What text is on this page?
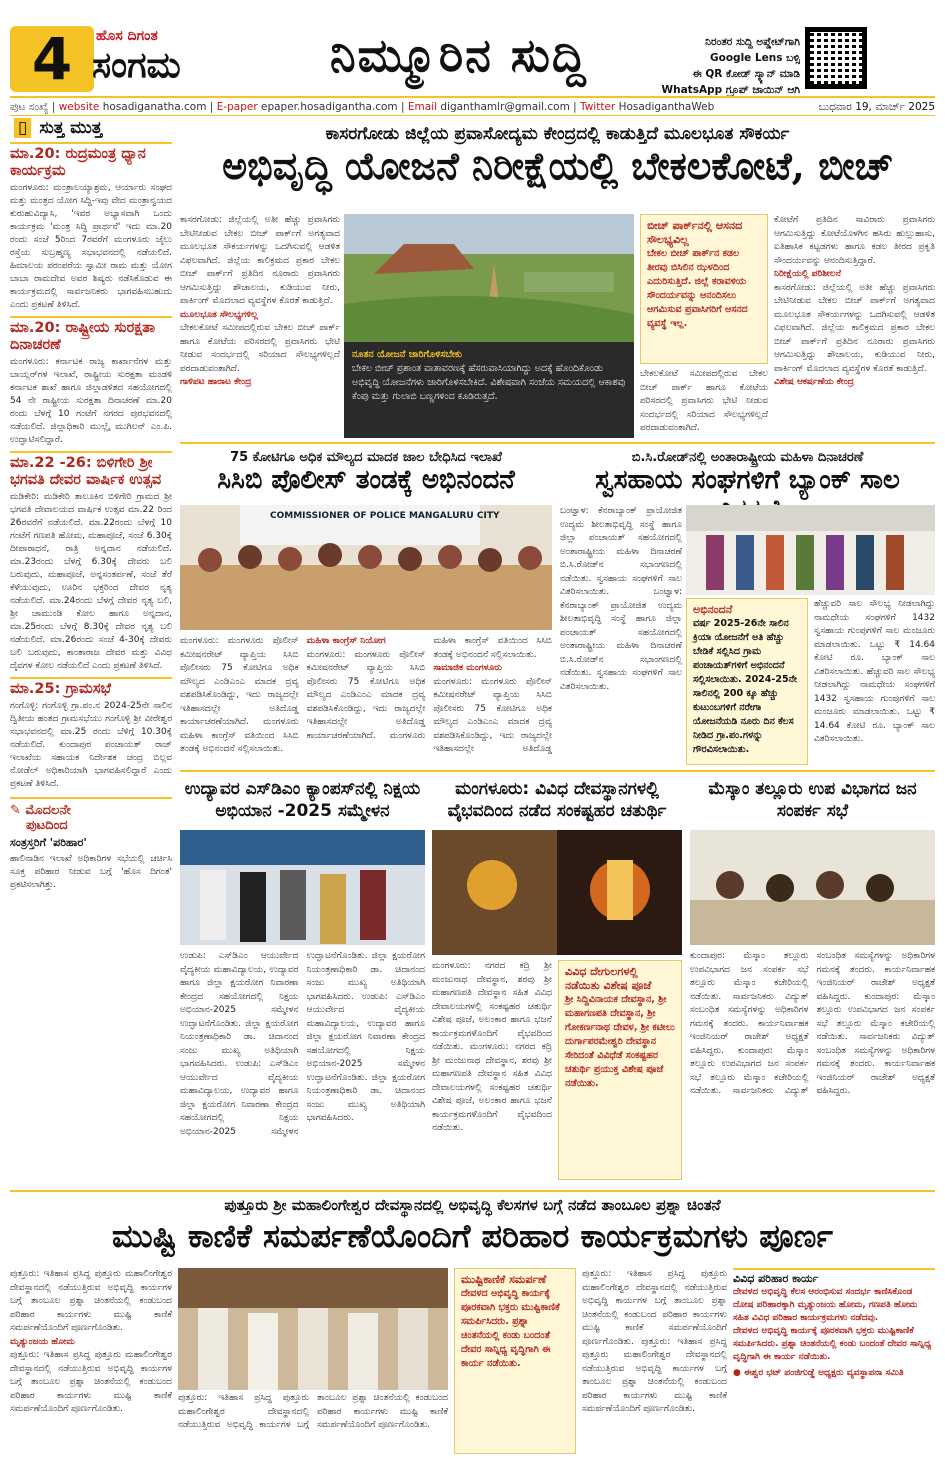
4	ಹೊಸ ದಿಗಂತ
ಸಂಗಮ	ನಿಮ್ಮೂರಿನ ಸುದ್ದಿ	ನಿರಂತರ ಸುದ್ದಿ ಅಪ್ಡೇಟ್‌ಗಾಗಿ
Google Lens ಬಳ್ಸಿ
ಈ QR ಕೋಡ್ ಸ್ಕ್ಯಾನ್ ಮಾಡಿ
WhatsApp ಗ್ರೂಪ್ ಜಾಯಿನ್ ಆಗಿ
ಪುಟ ಸಂಖ್ಯೆ | website hosadiganatha.com | E-paper epaper.hosadigantha.com | Email diganthamlr@gmail.com | Twitter HosadiganthaWeb	ಬುಧವಾರ 19, ಮಾರ್ಚ್ 2025
▯ ಸುತ್ತ ಮುತ್ತ
ಮಾ.20: ರುದ್ರಮಂತ್ರ ಧ್ಯಾನ ಕಾರ್ಯಕ್ರಮ
ಮಂಗಳೂರು: ಮಂತ್ರಾಲಯ್ಯಾಶ್ರಮ, ಆರ್ಯಾರು ಸಂಘದ ಮತ್ತು ಮಂತ್ರದ ಯೋಗ ಸಿದ್ಧಿ-ಇವು ವೇದ ಮಂತ್ರಾನ್ವಯದ ಕುರುಹುವಿದ್ಯಾಸಿ, 'ಇವರ ಅಭ್ಯಾಸವಾಗಿ ಒಂದು ಕಾರ್ಯಕ್ರಮ 'ಮಂತ್ರ ಸಿದ್ಧಿ ಪ್ರಾರ್ಥನೆ' ಇದು ಮಾ.20 ರಂದು ಸಂಜೆ 5ರಿಂದ 7ರವರೆಗೆ ಮಂಗಳೂರು ಜೈಲು ರಸ್ತೆಯ ಸುಬ್ರಹ್ಮಣ್ಯ ಸಭಾಭವನದಲ್ಲಿ ನಡೆಯಲಿದೆ. ಹಿಮಾಲಯ ಪರಂಪರೆಯ ಸ್ವಾಮೀ ರಾಮ ಮತ್ತು ಯೋಗ ಬಾಬಾ ರಾಮದೇವ ಅವರ ಶಿಷ್ಯರು ನಡೆಸಿಕೊಡುವ ಈ ಕಾರ್ಯಕ್ರಮದಲ್ಲಿ ಸಾರ್ವಜನಿಕರು ಭಾಗವಹಿಸಬಹುದು ಎಂದು ಪ್ರಕಟಣೆ ತಿಳಿಸಿದೆ.
ಮಾ.20: ರಾಷ್ಟ್ರೀಯ ಸುರಕ್ಷತಾ ದಿನಾಚರಣೆ
ಮಂಗಳೂರು: ಕರ್ನಾಟಕ ರಾಜ್ಯ ಕಾರ್ಖಾನೆಗಳ ಮತ್ತು ಬಾಯ್ಲರ್‌ಗಳ ಇಲಾಖೆ, ರಾಷ್ಟ್ರೀಯ ಸುರಕ್ಷತಾ ಮಂಡಳಿ ಕರ್ನಾಟಕ ಶಾಖೆ ಹಾಗೂ ಜಿಲ್ಲಾಡಳಿತದ ಸಹಯೋಗದಲ್ಲಿ 54 ನೇ ರಾಷ್ಟ್ರೀಯ ಸುರಕ್ಷತಾ ದಿನಾಚರಣೆ ಮಾ.20 ರಂದು ಬೆಳಗ್ಗೆ 10 ಗಂಟೆಗೆ ನಗರದ ಪುರಭವನದಲ್ಲಿ ನಡೆಯಲಿದೆ. ಜಿಲ್ಲಾಧಿಕಾರಿ ಮುಲ್ಲೈ ಮುಗಿಲನ್ ಎಂ.ಪಿ. ಉದ್ಘಾಟಿಸಲಿದ್ದಾರೆ.
ಮಾ.22 -26: ಬಿಳಿಗೇರಿ ಶ್ರೀ ಭಗವತಿ ದೇವರ ವಾರ್ಷಿಕ ಉತ್ಸವ
ಮಡಿಕೇರಿ: ಮಡಿಕೇರಿ ತಾಲೂಕಿನ ಬಿಳಿಗೇರಿ ಗ್ರಾಮದ ಶ್ರೀ ಭಗವತಿ ದೇವಾಲಯದ ವಾರ್ಷಿಕ ಉತ್ಸವ ಮಾ.22 ರಿಂದ 26ರವರೆಗೆ ನಡೆಯಲಿದೆ. ಮಾ.22ರಂದು ಬೆಳಗ್ಗೆ 10 ಗಂಟೆಗೆ ಗಣಪತಿ ಹೋಮ, ಮಹಾಪೂಜೆ, ಸಂಜೆ 6.30ಕ್ಕೆ ದೀಪಾರಾಧನೆ, ರಾತ್ರಿ ಅನ್ನದಾನ ನಡೆಯಲಿದೆ. ಮಾ.23ರಂದು ಬೆಳಗ್ಗೆ 6.30ಕ್ಕೆ ದೇವರು ಬಲಿ ಬರುವುದು, ಮಹಾಪೂಜೆ, ಅನ್ನಸಂತರ್ಪಣೆ, ಸಂಜೆ ತೆರೆ ಕೆಳೆಯುವುದು, ಊರಿನ ಭಕ್ತರಿಂದ ದೇವರ ನೃತ್ಯ ನಡೆಯಲಿದೆ. ಮಾ.24ರಂದು ಬೆಳಗ್ಗೆ ದೇವರ ನೃತ್ಯ ಬಲಿ, ಶ್ರೀ ಚಾಮುಂಡಿ ಕೋಲ ಹಾಗೂ ಅನ್ನದಾನ, ಮಾ.25ರಂದು ಬೆಳಗ್ಗೆ 8.30ಕ್ಕೆ ದೇವರ ನೃತ್ಯ ಬಲಿ ನಡೆಯಲಿದೆ. ಮಾ.26ರಂದು ಸಂಜೆ 4-30ಕ್ಕೆ ದೇವರು ಬಲಿ ಬರುವುದು, ಕಾಂತಾರಾಜ ದೇವರ ಮತ್ತು ವಿವಿಧ ದೈವಗಳ ಕೋಲ ನಡೆಯಲಿದೆ ಎಂದು ಪ್ರಕಟಣೆ ತಿಳಿಸಿದೆ.
ಮಾ.25: ಗ್ರಾಮಸಭೆ
ಗಂಗೊಳ್ಳಿ: ಗಂಗೊಳ್ಳಿ ಗ್ರಾ.ಪಂ.ನ 2024-25ನೇ ಸಾಲಿನ ದ್ವಿತೀಯ ಹಂತದ ಗ್ರಾಮಸಭೆಯು ಗಂಗೊಳ್ಳಿ ಶ್ರೀ ವೀರೇಶ್ವರ ಸಭಾಭವನದಲ್ಲಿ ಮಾ.25 ರಂದು ಬೆಳಿಗ್ಗೆ 10.30ಕ್ಕೆ ನಡೆಯಲಿದೆ. ಕುಂದಾಪುರ ಪಂಚಾಯತ್ ರಾಜ್ ಇಲಾಖೆಯ ಸಹಾಯಕ ನಿರ್ದೇಶಕ ಚಂದ್ರ ಬಿಲ್ಲವ ನೋಡೆಲ್ ಅಧಿಕಾರಿಯಾಗಿ ಭಾಗವಹಿಸಲಿದ್ದಾರೆ ಎಂದು ಪ್ರಕಟಣೆ ತಿಳಿಸಿದೆ.
✎ ಮೊದಲನೇ
ಪುಟದಿಂದ
ಸಂತ್ರಸ್ತರಿಗೆ 'ಪರಿಹಾರ'
ಹಾಲಿನಾಡಿನ ಇಲಾಖೆ ಅಧಿಕಾರಿಗಳ ಸಭೆಯಲ್ಲಿ ಚರ್ಚಿಸಿ ಸೂಕ್ತ ಪರಿಹಾರ ನೀಡುವ ಬಗ್ಗೆ 'ಹೊಸ ದಿಗಂತ' ಪ್ರಕಟಿಸಲಾಗಿತ್ತು.
ಕಾಸರಗೋಡು ಜಿಲ್ಲೆಯ ಪ್ರವಾಸೋದ್ಯಮ ಕೇಂದ್ರದಲ್ಲಿ ಕಾಡುತ್ತಿದೆ ಮೂಲಭೂತ ಸೌಕರ್ಯ
ಅಭಿವೃದ್ಧಿ ಯೋಜನೆ ನಿರೀಕ್ಷೆಯಲ್ಲಿ ಬೇಕಲಕೋಟೆ, ಬೀಚ್
ಕಾಸರಗೋಡು: ಜಿಲ್ಲೆಯಲ್ಲಿ ಅತೀ ಹೆಚ್ಚು ಪ್ರವಾಸಿಗರು ಬೇಟಿನೀಡುವ ಬೇಕಲ ಬೀಚ್ ಪಾರ್ಕ್‌ಗೆ ಅಗತ್ಯವಾದ ಮೂಲಭೂತ ಸೌಕರ್ಯಗಳನ್ನು ಒದಗಿಸುವಲ್ಲಿ ಆಡಳಿತ ವಿಫಲವಾಗಿದೆ. ಜಿಲ್ಲೆಯ ಕಾಲಿಕ್ರಮದ ಪ್ರಕಾರ ಬೇಕಲ ಬೀಚ್ ಪಾರ್ಕ್‌ಗೆ ಪ್ರತಿದಿನ ನೂರಾರು ಪ್ರವಾಸಿಗರು ಆಗಮಿಸುತ್ತಿದ್ದು ಶೌಚಾಲಯ, ಕುಡಿಯುವ ನೀರು, ಪಾರ್ಕಿಂಗ್ ಮೊದಲಾದ ವ್ಯವಸ್ಥೆಗಳ ಕೊರತೆ ಕಾಡುತ್ತಿದೆ.
ಮೂಲಭೂತ ಸೌಲಭ್ಯಗಳಿಲ್ಲ
ಬೇಕಲಕೋಟೆ ಸಮೀಪದಲ್ಲಿರುವ ಬೇಕಲ ಬೀಚ್ ಪಾರ್ಕ್ ಹಾಗೂ ಕೋಟೆಯ ಪರಿಸರದಲ್ಲಿ ಪ್ರವಾಸಿಗರು ಭೇಟಿ ನೀಡುವ ಸಂದರ್ಭದಲ್ಲಿ ಸರಿಯಾದ ಸೌಲಭ್ಯಗಳಿಲ್ಲದೆ ಪರದಾಡುವಂತಾಗಿದೆ.
ಗಾಳಿಪಟ ಹಾರಾಟ ಕೇಂದ್ರ
ನೂತನ ಯೋಜನೆ ಜಾರಿಗೊಳಿಸಬೇಕು
ಬೇಕಲ ಬೀಚ್ ಪ್ರಶಾಂತ ವಾತಾವರಣಕ್ಕೆ ಹೆಸರುವಾಸಿಯಾಗಿದ್ದು ಅದಕ್ಕೆ ಹೊಂದಿಕೊಂಡು ಅಭಿವೃದ್ಧಿ ಯೋಜನೆಗಳು ಜಾರಿಗೊಳಿಸಬೇಕಿದೆ. ವಿಶೇಷವಾಗಿ ಸಂಜೆಯ ಸಮಯದಲ್ಲಿ ಆಕಾಶವು ಕೆಂಪು ಮತ್ತು ಗುಲಾಬಿ ಬಣ್ಣಗಳಿಂದ ಕೂಡಿರುತ್ತದೆ.
ಬೀಚ್ ಪಾರ್ಕ್‌ನಲ್ಲಿ ಆಸನದ ಸೌಲಭ್ಯವಿಲ್ಲ
ಬೇಕಲ ಬೀಚ್ ಪಾರ್ಕ್‌ನ ಕಡಲ ತೀರವು ಬಿಸಿಲಿನ ಝಳದಿಂದ ಎದುರಿಸುತ್ತಿದೆ. ಜಿಲ್ಲೆ ಕರಾವಳಿಯ ಸೌಂದರ್ಯವನ್ನು ಆನಂದಿಸಲು ಆಗಮಿಸುವ ಪ್ರವಾಸಿಗರಿಗೆ ಆಸನದ ವ್ಯವಸ್ಥೆ ಇಲ್ಲ.
ಬೇಕಲಕೋಟೆ ಸಮೀಪದಲ್ಲಿರುವ ಬೇಕಲ ಬೀಚ್ ಪಾರ್ಕ್ ಹಾಗೂ ಕೋಟೆಯ ಪರಿಸರದಲ್ಲಿ ಪ್ರವಾಸಿಗರು ಭೇಟಿ ನೀಡುವ ಸಂದರ್ಭದಲ್ಲಿ ಸರಿಯಾದ ಸೌಲಭ್ಯಗಳಿಲ್ಲದೆ ಪರದಾಡುವಂತಾಗಿದೆ.
ಕೋಟೆಗೆ ಪ್ರತಿದಿನ ಸಾವಿರಾರು ಪ್ರವಾಸಿಗರು ಆಗಮಿಸುತ್ತಿದ್ದು ಕೋಟೆಯೊಳಗಿನ ಹಸಿರು ಹುಲ್ಲುಹಾಸು, ಐತಿಹಾಸಿಕ ಕಟ್ಟಡಗಳು ಹಾಗೂ ಕಡಲ ತೀರದ ಪ್ರಕೃತಿ ಸೌಂದರ್ಯವನ್ನು ಆನಂದಿಸುತ್ತಿದ್ದಾರೆ.
ನಿರೀಕ್ಷೆಯಲ್ಲಿ ಪರಿಶೀಲನೆ
ಕಾಸರಗೋಡು: ಜಿಲ್ಲೆಯಲ್ಲಿ ಅತೀ ಹೆಚ್ಚು ಪ್ರವಾಸಿಗರು ಬೇಟಿನೀಡುವ ಬೇಕಲ ಬೀಚ್ ಪಾರ್ಕ್‌ಗೆ ಅಗತ್ಯವಾದ ಮೂಲಭೂತ ಸೌಕರ್ಯಗಳನ್ನು ಒದಗಿಸುವಲ್ಲಿ ಆಡಳಿತ ವಿಫಲವಾಗಿದೆ. ಜಿಲ್ಲೆಯ ಕಾಲಿಕ್ರಮದ ಪ್ರಕಾರ ಬೇಕಲ ಬೀಚ್ ಪಾರ್ಕ್‌ಗೆ ಪ್ರತಿದಿನ ನೂರಾರು ಪ್ರವಾಸಿಗರು ಆಗಮಿಸುತ್ತಿದ್ದು ಶೌಚಾಲಯ, ಕುಡಿಯುವ ನೀರು, ಪಾರ್ಕಿಂಗ್ ಮೊದಲಾದ ವ್ಯವಸ್ಥೆಗಳ ಕೊರತೆ ಕಾಡುತ್ತಿದೆ.
ವಿಶೇಷ ಆಕರ್ಷಣೆಯ ಕೇಂದ್ರ
75 ಕೋಟಿಗೂ ಅಧಿಕ ಮೌಲ್ಯದ ಮಾದಕ ಜಾಲ ಬೇಧಿಸಿದ ಇಲಾಖೆ
ಸಿಸಿಬಿ ಪೊಲೀಸ್ ತಂಡಕ್ಕೆ ಅಭಿನಂದನೆ
COMMISSIONER OF POLICE MANGALURU CITY
ಮಂಗಳೂರು: ಮಂಗಳೂರು ಪೊಲೀಸ್ ಕಮೀಷನರೇಟ್ ವ್ಯಾಪ್ತಿಯ ಸಿಸಿಬಿ ಪೊಲೀಸರು 75 ಕೋಟಿಗೂ ಅಧಿಕ ಮೌಲ್ಯದ ಎಂಡಿಎಂಎ ಮಾದಕ ದ್ರವ್ಯ ವಶಪಡಿಸಿಕೊಂಡಿದ್ದು, ಇದು ರಾಜ್ಯದಲ್ಲೇ ಇತಿಹಾಸದಲ್ಲೇ ಅತಿದೊಡ್ಡ ಕಾರ್ಯಾಚರಣೆಯಾಗಿದೆ. ಮಂಗಳೂರು ಮಹಿಳಾ ಕಾಂಗ್ರೆಸ್ ವತಿಯಿಂದ ಸಿಸಿಬಿ ತಂಡಕ್ಕೆ ಅಭಿನಂದನೆ ಸಲ್ಲಿಸಲಾಯಿತು.
ಮಹಿಳಾ ಕಾಂಗ್ರೆಸ್ ನಿಯೋಗ
ಮಂಗಳೂರು: ಮಂಗಳೂರು ಪೊಲೀಸ್ ಕಮೀಷನರೇಟ್ ವ್ಯಾಪ್ತಿಯ ಸಿಸಿಬಿ ಪೊಲೀಸರು 75 ಕೋಟಿಗೂ ಅಧಿಕ ಮೌಲ್ಯದ ಎಂಡಿಎಂಎ ಮಾದಕ ದ್ರವ್ಯ ವಶಪಡಿಸಿಕೊಂಡಿದ್ದು, ಇದು ರಾಜ್ಯದಲ್ಲೇ ಇತಿಹಾಸದಲ್ಲೇ ಅತಿದೊಡ್ಡ ಕಾರ್ಯಾಚರಣೆಯಾಗಿದೆ. ಮಂಗಳೂರು ಮಹಿಳಾ ಕಾಂಗ್ರೆಸ್ ವತಿಯಿಂದ ಸಿಸಿಬಿ ತಂಡಕ್ಕೆ ಅಭಿನಂದನೆ ಸಲ್ಲಿಸಲಾಯಿತು.
ಸಾಮಾಜಿಕ ಮಂಗಳೂರು
ಮಂಗಳೂರು: ಮಂಗಳೂರು ಪೊಲೀಸ್ ಕಮೀಷನರೇಟ್ ವ್ಯಾಪ್ತಿಯ ಸಿಸಿಬಿ ಪೊಲೀಸರು 75 ಕೋಟಿಗೂ ಅಧಿಕ ಮೌಲ್ಯದ ಎಂಡಿಎಂಎ ಮಾದಕ ದ್ರವ್ಯ ವಶಪಡಿಸಿಕೊಂಡಿದ್ದು, ಇದು ರಾಜ್ಯದಲ್ಲೇ ಇತಿಹಾಸದಲ್ಲೇ ಅತಿದೊಡ್ಡ
ಬಿ.ಸಿ.ರೋಡ್‌ನಲ್ಲಿ ಅಂತಾರಾಷ್ಟ್ರೀಯ ಮಹಿಳಾ ದಿನಾಚರಣೆ
ಸ್ವಸಹಾಯ ಸಂಘಗಳಿಗೆ ಬ್ಯಾಂಕ್ ಸಾಲ
ಬಂಟ್ವಾಳ: ಕೆನರಾಬ್ಯಾಂಕ್ ಪ್ರಾಯೋಜಿತ ಉದ್ಯಮ ಶೀಲತಾಭಿವೃದ್ಧಿ ಸಂಸ್ಥೆ ಹಾಗೂ ಜಿಲ್ಲಾ ಪಂಚಾಯತ್ ಸಹಯೋಗದಲ್ಲಿ ಅಂತಾರಾಷ್ಟ್ರೀಯ ಮಹಿಳಾ ದಿನಾಚರಣೆ ಬಿ.ಸಿ.ರೋಡ್‌ನ ಸಭಾಂಗಣದಲ್ಲಿ ನಡೆಯಿತು. ಸ್ವಸಹಾಯ ಸಂಘಗಳಿಗೆ ಸಾಲ ವಿತರಿಸಲಾಯಿತು.	ಬಂಟ್ವಾಳ: ಕೆನರಾಬ್ಯಾಂಕ್ ಪ್ರಾಯೋಜಿತ ಉದ್ಯಮ ಶೀಲತಾಭಿವೃದ್ಧಿ ಸಂಸ್ಥೆ ಹಾಗೂ ಜಿಲ್ಲಾ ಪಂಚಾಯತ್ ಸಹಯೋಗದಲ್ಲಿ ಅಂತಾರಾಷ್ಟ್ರೀಯ ಮಹಿಳಾ ದಿನಾಚರಣೆ ಬಿ.ಸಿ.ರೋಡ್‌ನ ಸಭಾಂಗಣದಲ್ಲಿ ನಡೆಯಿತು. ಸ್ವಸಹಾಯ ಸಂಘಗಳಿಗೆ ಸಾಲ ವಿತರಿಸಲಾಯಿತು.
ಅಭಿನಂದನೆ
ವರ್ಷ 2025-26ನೇ ಸಾಲಿನ ಕ್ರಿಯಾ ಯೋಜನೆಗೆ ಅತಿ ಹೆಚ್ಚು ಬೇಡಿಕೆ ಸಲ್ಲಿಸಿದ ಗ್ರಾಮ ಪಂಚಾಯತ್‌ಗಳಿಗೆ ಅಭಿನಂದನೆ ಸಲ್ಲಿಸಲಾಯಿತು. 2024-25ನೇ ಸಾಲಿನಲ್ಲಿ 200 ಕ್ಕೂ ಹೆಚ್ಚು ಕುಟುಂಬಗಳಿಗೆ ನರೇಗಾ ಯೋಜನೆಯಡಿ ನೂರು ದಿನ ಕೆಲಸ ನೀಡಿದ ಗ್ರಾ.ಪಂ.ಗಳನ್ನು ಗೌರವಿಸಲಾಯಿತು.
ಹೆಚ್ಚುವರಿ ಸಾಲ ಸೌಲಭ್ಯ ನೀಡಲಾಗಿದ್ದು ನಾಮಧೇಯ ಸಂಘಗಳಿಗೆ 1432 ಸ್ವಸಹಾಯ ಗುಂಪುಗಳಿಗೆ ಸಾಲ ಮಂಜೂರು ಮಾಡಲಾಯಿತು. ಒಟ್ಟು ₹ 14.64 ಕೋಟಿ ರೂ. ಬ್ಯಾಂಕ್ ಸಾಲ ವಿತರಿಸಲಾಯಿತು. ಹೆಚ್ಚುವರಿ ಸಾಲ ಸೌಲಭ್ಯ ನೀಡಲಾಗಿದ್ದು ನಾಮಧೇಯ ಸಂಘಗಳಿಗೆ 1432 ಸ್ವಸಹಾಯ ಗುಂಪುಗಳಿಗೆ ಸಾಲ ಮಂಜೂರು ಮಾಡಲಾಯಿತು. ಒಟ್ಟು ₹ 14.64 ಕೋಟಿ ರೂ. ಬ್ಯಾಂಕ್ ಸಾಲ ವಿತರಿಸಲಾಯಿತು.
ಉದ್ಯಾವರ ಎಸ್‌ಡಿಎಂ ಕ್ಯಾಂಪಸ್‌ನಲ್ಲಿ ನಿಕ್ಷಯ ಅಭಿಯಾನ -2025 ಸಮ್ಮೇಳನ
ಉಡುಪಿ: ಎಸ್‌ಡಿಎಂ ಆಯುರ್ವೇದ ವೈದ್ಯಕೀಯ ಮಹಾವಿದ್ಯಾಲಯ, ಉದ್ಯಾವರ ಹಾಗೂ ಜಿಲ್ಲಾ ಕ್ಷಯರೋಗ ನಿವಾರಣಾ ಕೇಂದ್ರದ ಸಹಯೋಗದಲ್ಲಿ ನಿಕ್ಷಯ ಅಭಿಯಾನ-2025 ಸಮ್ಮೇಳನ ಉದ್ಘಾಟನೆಗೊಂಡಿತು. ಜಿಲ್ಲಾ ಕ್ಷಯರೋಗ ನಿಯಂತ್ರಣಾಧಿಕಾರಿ ಡಾ. ಚಿದಾನಂದ ಸಂಜು ಮುಖ್ಯ ಅತಿಥಿಯಾಗಿ ಭಾಗವಹಿಸಿದರು. ಉಡುಪಿ: ಎಸ್‌ಡಿಎಂ ಆಯುರ್ವೇದ ವೈದ್ಯಕೀಯ ಮಹಾವಿದ್ಯಾಲಯ, ಉದ್ಯಾವರ ಹಾಗೂ ಜಿಲ್ಲಾ ಕ್ಷಯರೋಗ ನಿವಾರಣಾ ಕೇಂದ್ರದ ಸಹಯೋಗದಲ್ಲಿ ನಿಕ್ಷಯ ಅಭಿಯಾನ-2025 ಸಮ್ಮೇಳನ ಉದ್ಘಾಟನೆಗೊಂಡಿತು. ಜಿಲ್ಲಾ ಕ್ಷಯರೋಗ ನಿಯಂತ್ರಣಾಧಿಕಾರಿ ಡಾ. ಚಿದಾನಂದ ಸಂಜು ಮುಖ್ಯ ಅತಿಥಿಯಾಗಿ ಭಾಗವಹಿಸಿದರು. ಉಡುಪಿ: ಎಸ್‌ಡಿಎಂ ಆಯುರ್ವೇದ ವೈದ್ಯಕೀಯ ಮಹಾವಿದ್ಯಾಲಯ, ಉದ್ಯಾವರ ಹಾಗೂ ಜಿಲ್ಲಾ ಕ್ಷಯರೋಗ ನಿವಾರಣಾ ಕೇಂದ್ರದ ಸಹಯೋಗದಲ್ಲಿ ನಿಕ್ಷಯ ಅಭಿಯಾನ-2025 ಸಮ್ಮೇಳನ ಉದ್ಘಾಟನೆಗೊಂಡಿತು. ಜಿಲ್ಲಾ ಕ್ಷಯರೋಗ ನಿಯಂತ್ರಣಾಧಿಕಾರಿ ಡಾ. ಚಿದಾನಂದ ಸಂಜು ಮುಖ್ಯ ಅತಿಥಿಯಾಗಿ ಭಾಗವಹಿಸಿದರು.
ಮಂಗಳೂರು: ವಿವಿಧ ದೇವಸ್ಥಾನಗಳಲ್ಲಿ ವೈಭವದಿಂದ ನಡೆದ ಸಂಕಷ್ಟಹರ ಚತುರ್ಥಿ
ಮಂಗಳೂರು: ನಗರದ ಕದ್ರಿ ಶ್ರೀ ಮಂಜುನಾಥ ದೇವಸ್ಥಾನ, ಶರವು ಶ್ರೀ ಮಹಾಗಣಪತಿ ದೇವಸ್ಥಾನ ಸಹಿತ ವಿವಿಧ ದೇವಾಲಯಗಳಲ್ಲಿ ಸಂಕಷ್ಟಹರ ಚತುರ್ಥಿ ವಿಶೇಷ ಪೂಜೆ, ಅಲಂಕಾರ ಹಾಗೂ ಭಜನೆ ಕಾರ್ಯಕ್ರಮಗಳೊಂದಿಗೆ ವೈಭವದಿಂದ ನಡೆಯಿತು. ಮಂಗಳೂರು: ನಗರದ ಕದ್ರಿ ಶ್ರೀ ಮಂಜುನಾಥ ದೇವಸ್ಥಾನ, ಶರವು ಶ್ರೀ ಮಹಾಗಣಪತಿ ದೇವಸ್ಥಾನ ಸಹಿತ ವಿವಿಧ ದೇವಾಲಯಗಳಲ್ಲಿ ಸಂಕಷ್ಟಹರ ಚತುರ್ಥಿ ವಿಶೇಷ ಪೂಜೆ, ಅಲಂಕಾರ ಹಾಗೂ ಭಜನೆ ಕಾರ್ಯಕ್ರಮಗಳೊಂದಿಗೆ ವೈಭವದಿಂದ ನಡೆಯಿತು.
ವಿವಿಧ ದೇಗುಲಗಳಲ್ಲಿ ನಡೆಯಿತು ವಿಶೇಷ ಪೂಜೆ
ಶ್ರೀ ಸಿದ್ದಿವಿನಾಯಕ ದೇವಸ್ಥಾನ, ಶ್ರೀ ಮಹಾಗಣಪತಿ ದೇವಸ್ಥಾನ, ಶ್ರೀ ಗೋಕರ್ಣನಾಥ ದೇವಳ, ಶ್ರೀ ಕಟೀಲು ದುರ್ಗಾಪರಮೇಶ್ವರಿ ದೇವಸ್ಥಾನ ಸೇರಿದಂತೆ ವಿವಿಧೆಡೆ ಸಂಕಷ್ಟಹರ ಚತುರ್ಥಿ ಪ್ರಯುಕ್ತ ವಿಶೇಷ ಪೂಜೆ ನಡೆಯಿತು.
ಮೆಸ್ಕಾಂ ತಲ್ಲೂರು ಉಪ ವಿಭಾಗದ ಜನ ಸಂಪರ್ಕ ಸಭೆ
ಕುಂದಾಪುರ: ಮೆಸ್ಕಾಂ ತಲ್ಲೂರು ಉಪವಿಭಾಗದ ಜನ ಸಂಪರ್ಕ ಸಭೆ ತಲ್ಲೂರು ಮೆಸ್ಕಾಂ ಕಚೇರಿಯಲ್ಲಿ ನಡೆಯಿತು. ಸಾರ್ವಜನಿಕರು ವಿದ್ಯುತ್ ಸಂಬಂಧಿತ ಸಮಸ್ಯೆಗಳನ್ನು ಅಧಿಕಾರಿಗಳ ಗಮನಕ್ಕೆ ತಂದರು. ಕಾರ್ಯನಿರ್ವಾಹಕ ಇಂಜಿನಿಯರ್ ರಾಜೇಶ್ ಅಧ್ಯಕ್ಷತೆ ವಹಿಸಿದ್ದರು. ಕುಂದಾಪುರ: ಮೆಸ್ಕಾಂ ತಲ್ಲೂರು ಉಪವಿಭಾಗದ ಜನ ಸಂಪರ್ಕ ಸಭೆ ತಲ್ಲೂರು ಮೆಸ್ಕಾಂ ಕಚೇರಿಯಲ್ಲಿ ನಡೆಯಿತು. ಸಾರ್ವಜನಿಕರು ವಿದ್ಯುತ್ ಸಂಬಂಧಿತ ಸಮಸ್ಯೆಗಳನ್ನು ಅಧಿಕಾರಿಗಳ ಗಮನಕ್ಕೆ ತಂದರು. ಕಾರ್ಯನಿರ್ವಾಹಕ ಇಂಜಿನಿಯರ್ ರಾಜೇಶ್ ಅಧ್ಯಕ್ಷತೆ ವಹಿಸಿದ್ದರು. ಕುಂದಾಪುರ: ಮೆಸ್ಕಾಂ ತಲ್ಲೂರು ಉಪವಿಭಾಗದ ಜನ ಸಂಪರ್ಕ ಸಭೆ ತಲ್ಲೂರು ಮೆಸ್ಕಾಂ ಕಚೇರಿಯಲ್ಲಿ ನಡೆಯಿತು. ಸಾರ್ವಜನಿಕರು ವಿದ್ಯುತ್ ಸಂಬಂಧಿತ ಸಮಸ್ಯೆಗಳನ್ನು ಅಧಿಕಾರಿಗಳ ಗಮನಕ್ಕೆ ತಂದರು. ಕಾರ್ಯನಿರ್ವಾಹಕ ಇಂಜಿನಿಯರ್ ರಾಜೇಶ್ ಅಧ್ಯಕ್ಷತೆ ವಹಿಸಿದ್ದರು.
ಪುತ್ತೂರು ಶ್ರೀ ಮಹಾಲಿಂಗೇಶ್ವರ ದೇವಸ್ಥಾನದಲ್ಲಿ ಅಭಿವೃದ್ಧಿ ಕೆಲಸಗಳ ಬಗ್ಗೆ ನಡೆದ ತಾಂಬೂಲ ಪ್ರಶ್ನಾ ಚಿಂತನೆ
ಮುಷ್ಟಿ ಕಾಣಿಕೆ ಸಮರ್ಪಣೆಯೊಂದಿಗೆ ಪರಿಹಾರ ಕಾರ್ಯಕ್ರಮಗಳು ಪೂರ್ಣ
ಪುತ್ತೂರು: ಇತಿಹಾಸ ಪ್ರಸಿದ್ಧ ಪುತ್ತೂರು ಮಹಾಲಿಂಗೇಶ್ವರ ದೇವಸ್ಥಾನದಲ್ಲಿ ನಡೆಯುತ್ತಿರುವ ಅಭಿವೃದ್ಧಿ ಕಾರ್ಯಗಳ ಬಗ್ಗೆ ತಾಂಬೂಲ ಪ್ರಶ್ನಾ ಚಿಂತನೆಯಲ್ಲಿ ಕಂಡುಬಂದ ಪರಿಹಾರ ಕಾರ್ಯಗಳು ಮುಷ್ಟಿ ಕಾಣಿಕೆ ಸಮರ್ಪಣೆಯೊಂದಿಗೆ ಪೂರ್ಣಗೊಂಡಿತು.
ಮೃತ್ಯುಂಜಯ ಹೋಮ
ಪುತ್ತೂರು: ಇತಿಹಾಸ ಪ್ರಸಿದ್ಧ ಪುತ್ತೂರು ಮಹಾಲಿಂಗೇಶ್ವರ ದೇವಸ್ಥಾನದಲ್ಲಿ ನಡೆಯುತ್ತಿರುವ ಅಭಿವೃದ್ಧಿ ಕಾರ್ಯಗಳ ಬಗ್ಗೆ ತಾಂಬೂಲ ಪ್ರಶ್ನಾ ಚಿಂತನೆಯಲ್ಲಿ ಕಂಡುಬಂದ ಪರಿಹಾರ ಕಾರ್ಯಗಳು ಮುಷ್ಟಿ ಕಾಣಿಕೆ ಸಮರ್ಪಣೆಯೊಂದಿಗೆ ಪೂರ್ಣಗೊಂಡಿತು.
ಪುತ್ತೂರು: ಇತಿಹಾಸ ಪ್ರಸಿದ್ಧ ಪುತ್ತೂರು ಮಹಾಲಿಂಗೇಶ್ವರ ದೇವಸ್ಥಾನದಲ್ಲಿ ನಡೆಯುತ್ತಿರುವ ಅಭಿವೃದ್ಧಿ ಕಾರ್ಯಗಳ ಬಗ್ಗೆ ತಾಂಬೂಲ ಪ್ರಶ್ನಾ ಚಿಂತನೆಯಲ್ಲಿ ಕಂಡುಬಂದ ಪರಿಹಾರ ಕಾರ್ಯಗಳು ಮುಷ್ಟಿ ಕಾಣಿಕೆ ಸಮರ್ಪಣೆಯೊಂದಿಗೆ ಪೂರ್ಣಗೊಂಡಿತು.
ಮುಷ್ಟಿಕಾಣಿಕೆ ಸಮರ್ಪಣೆ
ದೇವಳದ ಅಭಿವೃದ್ಧಿ ಕಾರ್ಯಕ್ಕೆ ಪೂರಕವಾಗಿ ಭಕ್ತರು ಮುಷ್ಟಿಕಾಣಿಕೆ ಸಮರ್ಪಿಸಿದರು. ಪ್ರಶ್ನಾ ಚಿಂತನೆಯಲ್ಲಿ ಕಂಡು ಬಂದಂತೆ ದೇವರ ಸಾನ್ನಿಧ್ಯ ವೃದ್ಧಿಗಾಗಿ ಈ ಕಾರ್ಯ ನಡೆಯಿತು.
ಪುತ್ತೂರು: ಇತಿಹಾಸ ಪ್ರಸಿದ್ಧ ಪುತ್ತೂರು ಮಹಾಲಿಂಗೇಶ್ವರ ದೇವಸ್ಥಾನದಲ್ಲಿ ನಡೆಯುತ್ತಿರುವ ಅಭಿವೃದ್ಧಿ ಕಾರ್ಯಗಳ ಬಗ್ಗೆ ತಾಂಬೂಲ ಪ್ರಶ್ನಾ ಚಿಂತನೆಯಲ್ಲಿ ಕಂಡುಬಂದ ಪರಿಹಾರ ಕಾರ್ಯಗಳು ಮುಷ್ಟಿ ಕಾಣಿಕೆ ಸಮರ್ಪಣೆಯೊಂದಿಗೆ ಪೂರ್ಣಗೊಂಡಿತು. ಪುತ್ತೂರು: ಇತಿಹಾಸ ಪ್ರಸಿದ್ಧ ಪುತ್ತೂರು ಮಹಾಲಿಂಗೇಶ್ವರ ದೇವಸ್ಥಾನದಲ್ಲಿ ನಡೆಯುತ್ತಿರುವ ಅಭಿವೃದ್ಧಿ ಕಾರ್ಯಗಳ ಬಗ್ಗೆ ತಾಂಬೂಲ ಪ್ರಶ್ನಾ ಚಿಂತನೆಯಲ್ಲಿ ಕಂಡುಬಂದ ಪರಿಹಾರ ಕಾರ್ಯಗಳು ಮುಷ್ಟಿ ಕಾಣಿಕೆ ಸಮರ್ಪಣೆಯೊಂದಿಗೆ ಪೂರ್ಣಗೊಂಡಿತು.
ವಿವಿಧ ಪರಿಹಾರ ಕಾರ್ಯ
ದೇವಳದ ಅಭಿವೃದ್ಧಿ ಕೆಲಸ ಆರಂಭಿಸುವ ಸಂದರ್ಭ ಕಾಣಿಸಿಕೊಂಡ ದೋಷ ಪರಿಹಾರಕ್ಕಾಗಿ ಮೃತ್ಯುಂಜಯ ಹೋಮ, ಗಣಪತಿ ಹೋಮ ಸಹಿತ ವಿವಿಧ ಪರಿಹಾರ ಕಾರ್ಯಕ್ರಮಗಳು ನಡೆದವು.
ದೇವಳದ ಅಭಿವೃದ್ಧಿ ಕಾರ್ಯಕ್ಕೆ ಪೂರಕವಾಗಿ ಭಕ್ತರು ಮುಷ್ಟಿಕಾಣಿಕೆ ಸಮರ್ಪಿಸಿದರು. ಪ್ರಶ್ನಾ ಚಿಂತನೆಯಲ್ಲಿ ಕಂಡು ಬಂದಂತೆ ದೇವರ ಸಾನ್ನಿಧ್ಯ ವೃದ್ಧಿಗಾಗಿ ಈ ಕಾರ್ಯ ನಡೆಯಿತು.
● ಈಶ್ವರ ಭಟ್ ಪಂಜಿಗುಡ್ಡೆ ಅಧ್ಯಕ್ಷರು ವ್ಯವಸ್ಥಾಪನಾ ಸಮಿತಿ
